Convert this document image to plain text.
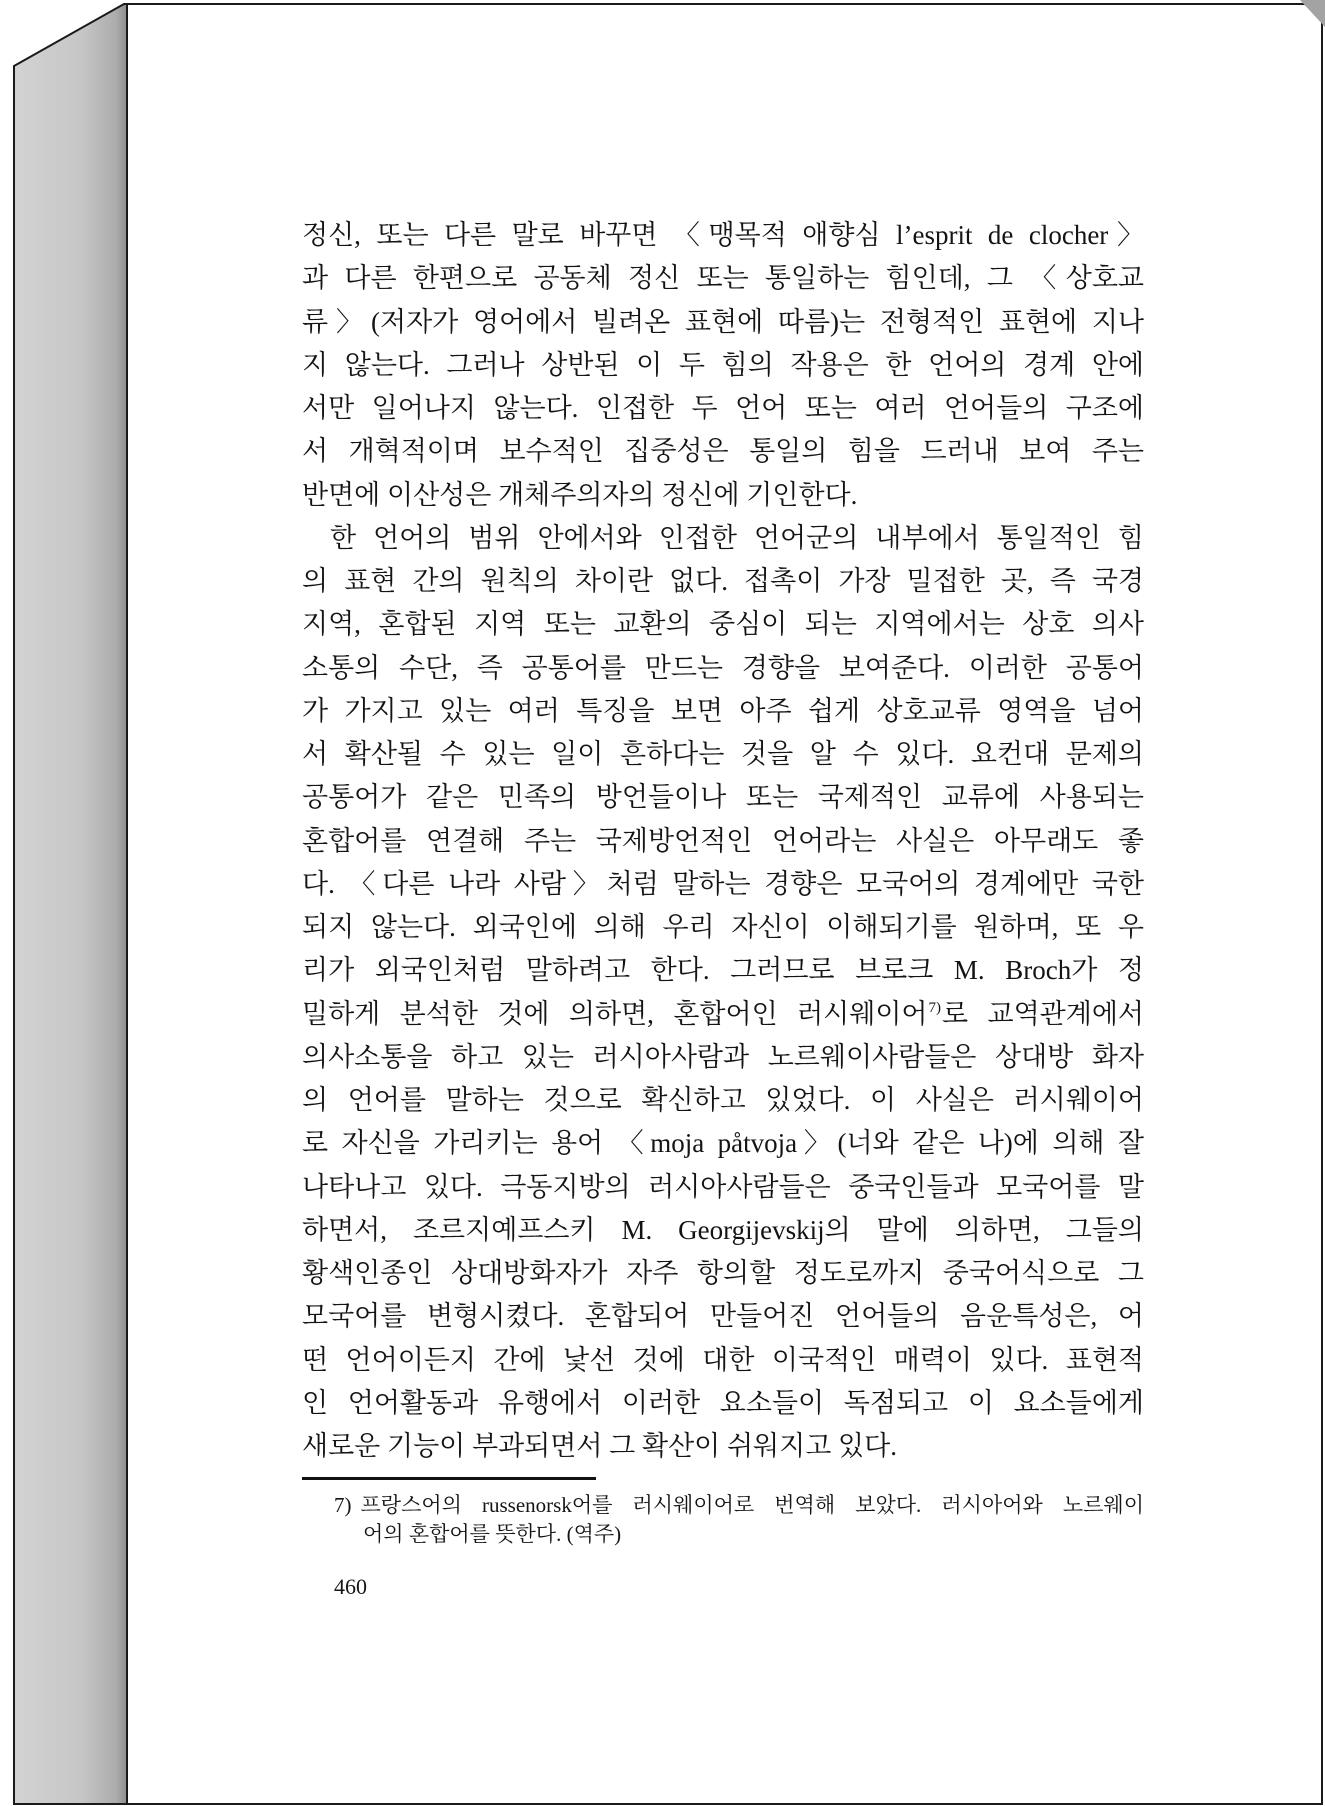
정신, 또는 다른 말로 바꾸면 〈맹목적 애향심 l’esprit de clocher〉
과 다른 한편으로 공동체 정신 또는 통일하는 힘인데, 그 〈상호교
류〉(저자가 영어에서 빌려온 표현에 따름)는 전형적인 표현에 지나
지 않는다. 그러나 상반된 이 두 힘의 작용은 한 언어의 경계 안에
서만 일어나지 않는다. 인접한 두 언어 또는 여러 언어들의 구조에
서 개혁적이며 보수적인 집중성은 통일의 힘을 드러내 보여 주는
반면에 이산성은 개체주의자의 정신에 기인한다.
한 언어의 범위 안에서와 인접한 언어군의 내부에서 통일적인 힘
의 표현 간의 원칙의 차이란 없다. 접촉이 가장 밀접한 곳, 즉 국경
지역, 혼합된 지역 또는 교환의 중심이 되는 지역에서는 상호 의사
소통의 수단, 즉 공통어를 만드는 경향을 보여준다. 이러한 공통어
가 가지고 있는 여러 특징을 보면 아주 쉽게 상호교류 영역을 넘어
서 확산될 수 있는 일이 흔하다는 것을 알 수 있다. 요컨대 문제의
공통어가 같은 민족의 방언들이나 또는 국제적인 교류에 사용되는
혼합어를 연결해 주는 국제방언적인 언어라는 사실은 아무래도 좋
다. 〈다른 나라 사람〉처럼 말하는 경향은 모국어의 경계에만 국한
되지 않는다. 외국인에 의해 우리 자신이 이해되기를 원하며, 또 우
리가 외국인처럼 말하려고 한다. 그러므로 브로크 M. Broch가 정
밀하게 분석한 것에 의하면, 혼합어인 러시웨이어$^{7)}$로 교역관계에서
의사소통을 하고 있는 러시아사람과 노르웨이사람들은 상대방 화자
의 언어를 말하는 것으로 확신하고 있었다. 이 사실은 러시웨이어
로 자신을 가리키는 용어 〈moja påtvoja〉(너와 같은 나)에 의해 잘
나타나고 있다. 극동지방의 러시아사람들은 중국인들과 모국어를 말
하면서, 조르지예프스키 M. Georgijevskij의 말에 의하면, 그들의
황색인종인 상대방화자가 자주 항의할 정도로까지 중국어식으로 그
모국어를 변형시켰다. 혼합되어 만들어진 언어들의 음운특성은, 어
떤 언어이든지 간에 낯선 것에 대한 이국적인 매력이 있다. 표현적
인 언어활동과 유행에서 이러한 요소들이 독점되고 이 요소들에게
새로운 기능이 부과되면서 그 확산이 쉬워지고 있다.
7) 프랑스어의 russenorsk어를 러시웨이어로 번역해 보았다. 러시아어와 노르웨이
어의 혼합어를 뜻한다. (역주)
460
